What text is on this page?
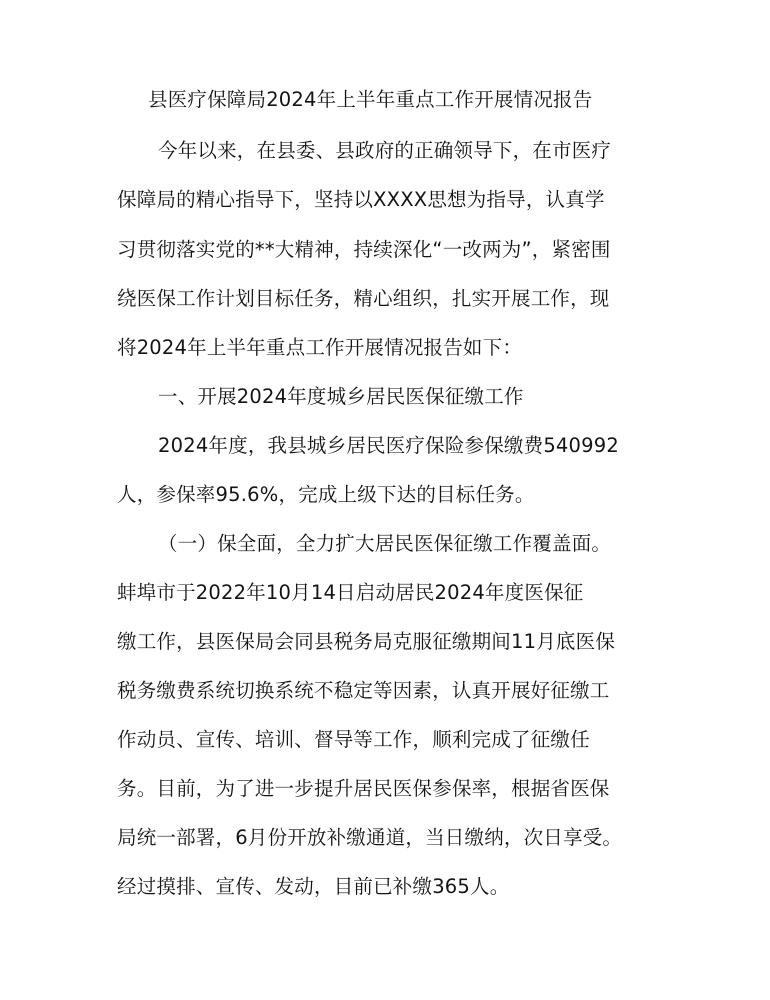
县医疗保障局2024年上半年重点工作开展情况报告
今年以来，在县委、县政府的正确领导下，在市医疗
保障局的精心指导下，坚持以XXXX思想为指导，认真学
习贯彻落实党的**大精神，持续深化“一改两为”，紧密围
绕医保工作计划目标任务，精心组织，扎实开展工作，现
将2024年上半年重点工作开展情况报告如下：
一、开展2024年度城乡居民医保征缴工作
2024年度，我县城乡居民医疗保险参保缴费540992
人，参保率95.6%，完成上级下达的目标任务。
（一）保全面，全力扩大居民医保征缴工作覆盖面。
蚌埠市于2022年10月14日启动居民2024年度医保征
缴工作，县医保局会同县税务局克服征缴期间11月底医保
税务缴费系统切换系统不稳定等因素，认真开展好征缴工
作动员、宣传、培训、督导等工作，顺利完成了征缴任
务。目前，为了进一步提升居民医保参保率，根据省医保
局统一部署，6月份开放补缴通道，当日缴纳，次日享受。
经过摸排、宣传、发动，目前已补缴365人。
